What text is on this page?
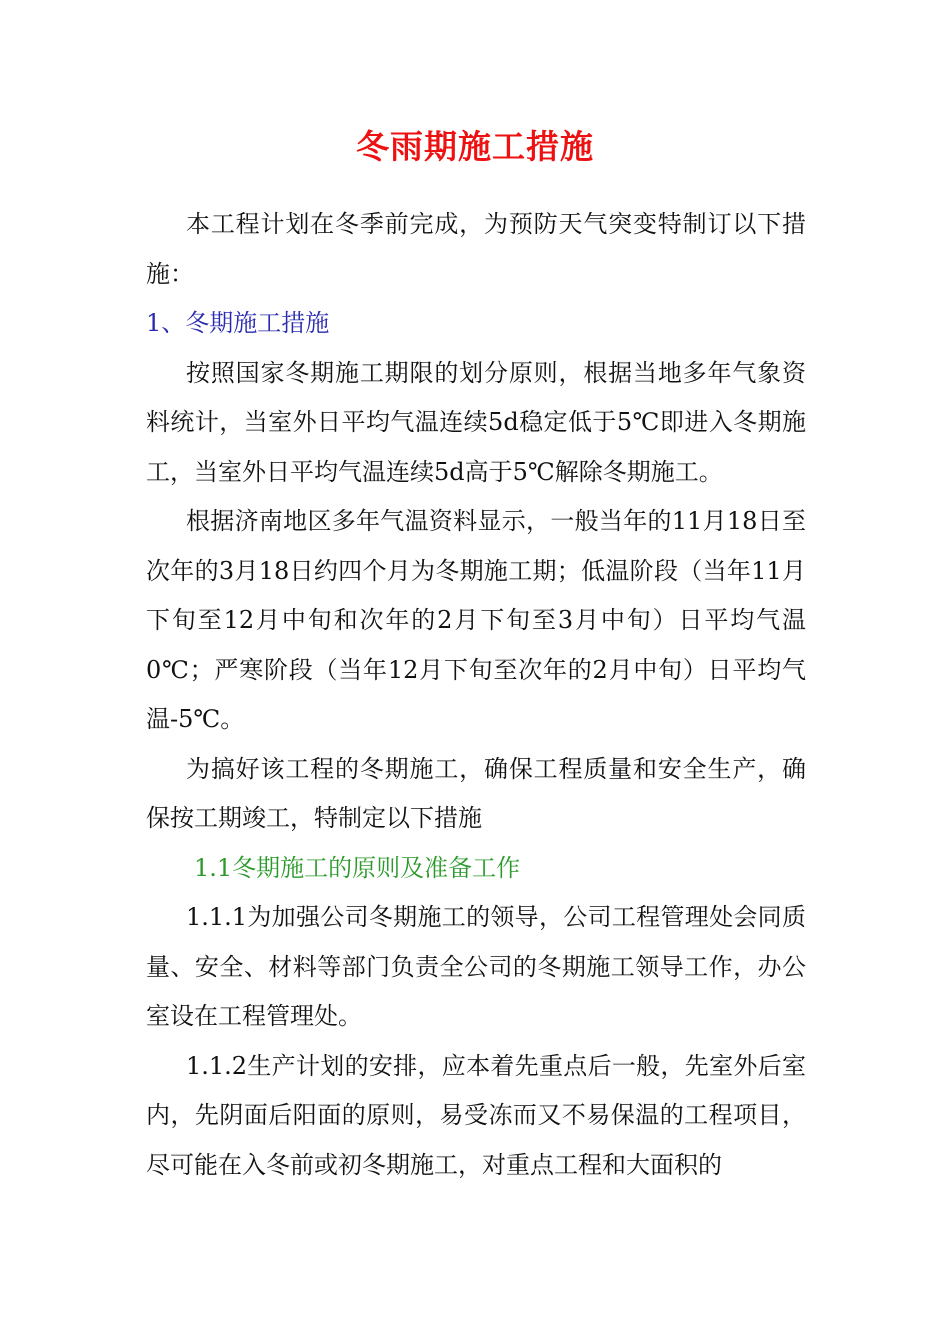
冬雨期施工措施

本工程计划在冬季前完成，为预防天气突变特制订以下措施：

1、冬期施工措施

按照国家冬期施工期限的划分原则，根据当地多年气象资料统计，当室外日平均气温连续5d稳定低于5℃即进入冬期施工，当室外日平均气温连续5d高于5℃解除冬期施工。

根据济南地区多年气温资料显示，一般当年的11月18日至次年的3月18日约四个月为冬期施工期；低温阶段（当年11月下旬至12月中旬和次年的2月下旬至3月中旬）日平均气温0℃；严寒阶段（当年12月下旬至次年的2月中旬）日平均气温-5℃。

为搞好该工程的冬期施工，确保工程质量和安全生产，确保按工期竣工，特制定以下措施

1.1冬期施工的原则及准备工作

1.1.1为加强公司冬期施工的领导，公司工程管理处会同质量、安全、材料等部门负责全公司的冬期施工领导工作，办公室设在工程管理处。

1.1.2生产计划的安排，应本着先重点后一般，先室外后室内，先阴面后阳面的原则，易受冻而又不易保温的工程项目，尽可能在入冬前或初冬期施工，对重点工程和大面积的
